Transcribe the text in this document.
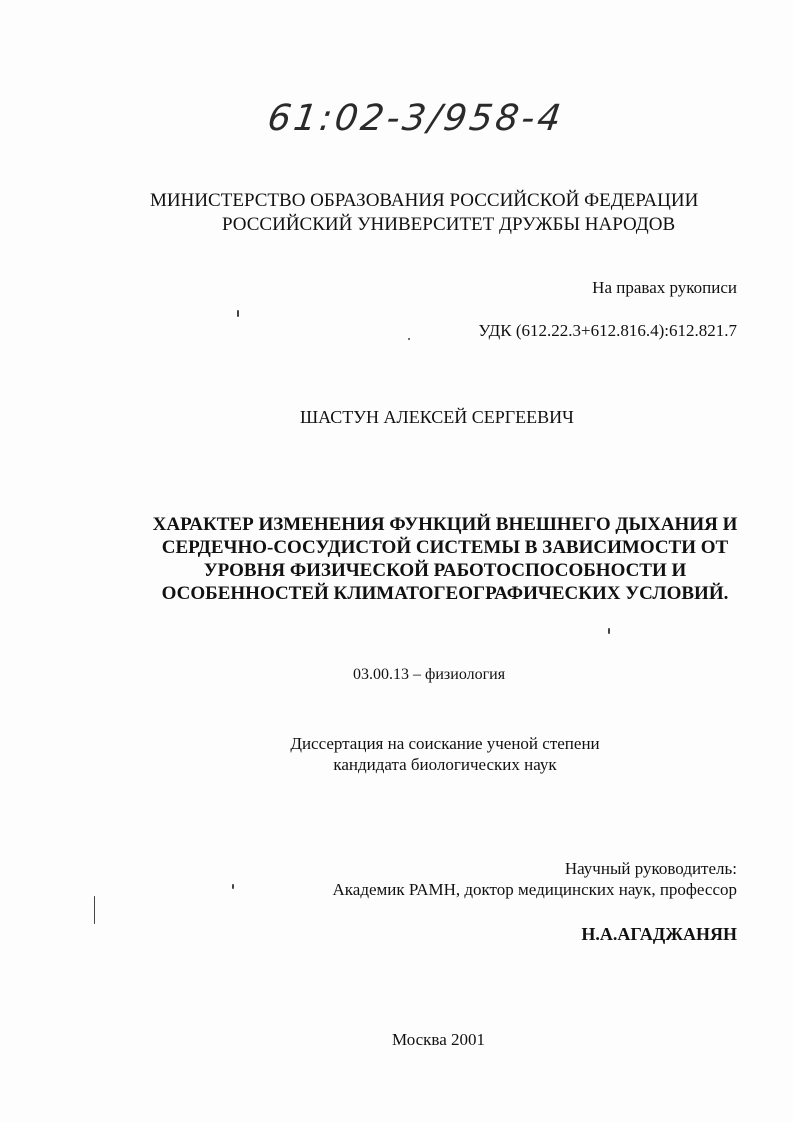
61:02-3/958-4
МИНИСТЕРСТВО ОБРАЗОВАНИЯ РОССИЙСКОЙ ФЕДЕРАЦИИ
РОССИЙСКИЙ УНИВЕРСИТЕТ ДРУЖБЫ НАРОДОВ
На правах рукописи
УДК (612.22.3+612.816.4):612.821.7
ШАСТУН АЛЕКСЕЙ СЕРГЕЕВИЧ
ХАРАКТЕР ИЗМЕНЕНИЯ ФУНКЦИЙ ВНЕШНЕГО ДЫХАНИЯ И
СЕРДЕЧНО-СОСУДИСТОЙ СИСТЕМЫ В ЗАВИСИМОСТИ ОТ
УРОВНЯ ФИЗИЧЕСКОЙ РАБОТОСПОСОБНОСТИ И
ОСОБЕННОСТЕЙ КЛИМАТОГЕОГРАФИЧЕСКИХ УСЛОВИЙ.
03.00.13 – физиология
Диссертация на соискание ученой степени
кандидата биологических наук
Научный руководитель:
Академик РАМН, доктор медицинских наук, профессор
Н.А.АГАДЖАНЯН
Москва 2001
